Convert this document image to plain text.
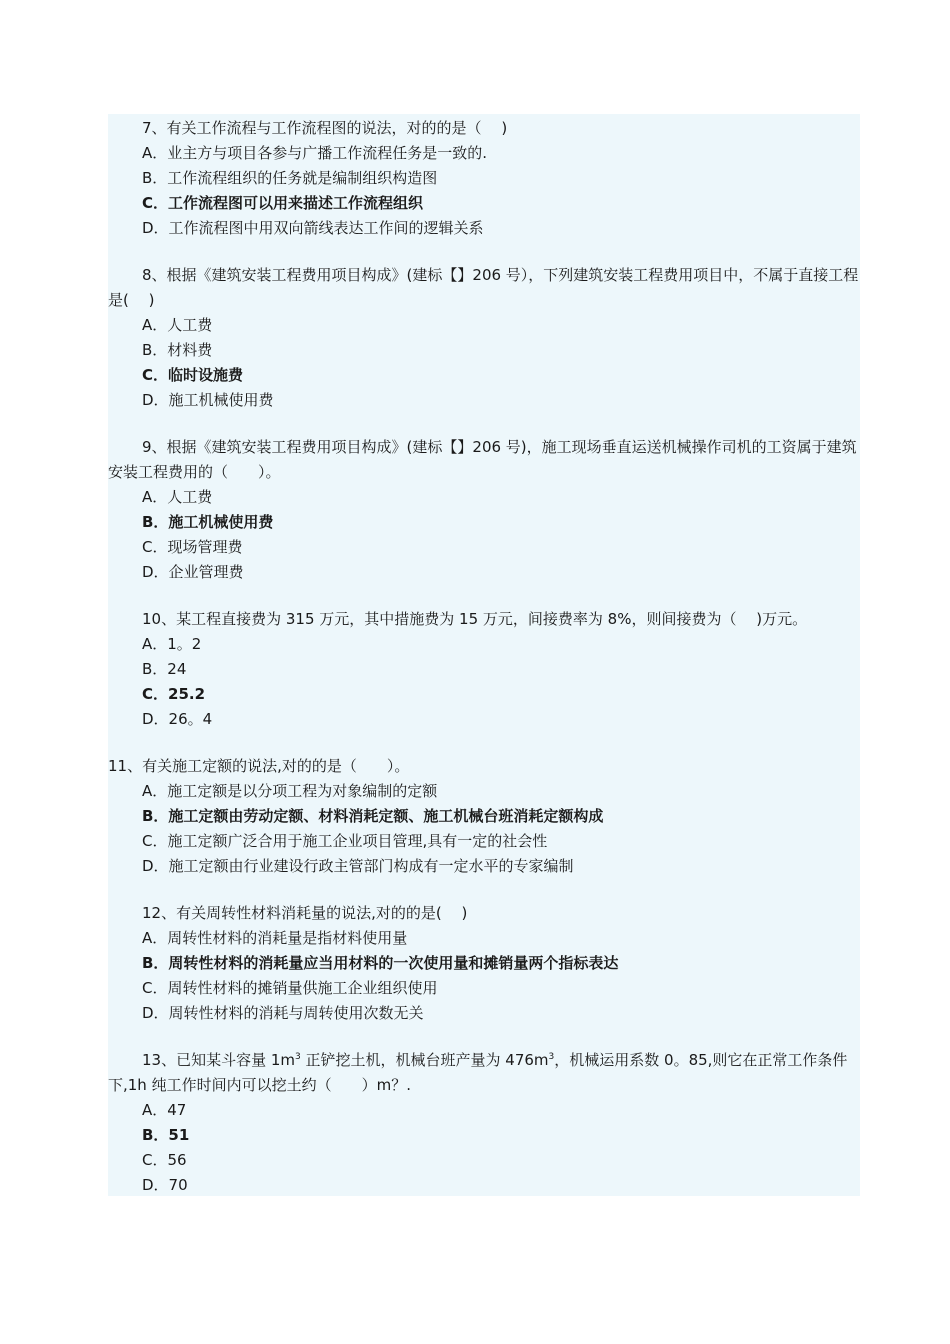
7、有关工作流程与工作流程图的说法，对的的是（　 )

A．业主方与项目各参与广播工作流程任务是一致的.

B．工作流程组织的任务就是编制组织构造图

C．工作流程图可以用来描述工作流程组织

D．工作流程图中用双向箭线表达工作间的逻辑关系

8、根据《建筑安装工程费用项目构成》(建标【】206 号），下列建筑安装工程费用项目中，不属于直接工程是(　 )

A．人工费

B．材料费

C．临时设施费

D．施工机械使用费

9、根据《建筑安装工程费用项目构成》(建标【】206 号)，施工现场垂直运送机械操作司机的工资属于建筑安装工程费用的（　　）。

A．人工费

B．施工机械使用费

C．现场管理费

D．企业管理费

10、某工程直接费为 315 万元，其中措施费为 15 万元，间接费率为 8%，则间接费为（　 )万元。

A．1。2

B．24

C．25.2

D．26。4

11、有关施工定额的说法,对的的是（　　）。

A．施工定额是以分项工程为对象编制的定额

B．施工定额由劳动定额、材料消耗定额、施工机械台班消耗定额构成

C．施工定额广泛合用于施工企业项目管理,具有一定的社会性

D．施工定额由行业建设行政主管部门构成有一定水平的专家编制

12、有关周转性材料消耗量的说法,对的的是(　 )

A．周转性材料的消耗量是指材料使用量

B．周转性材料的消耗量应当用材料的一次使用量和摊销量两个指标表达

C．周转性材料的摊销量供施工企业组织使用

D．周转性材料的消耗与周转使用次数无关

13、已知某斗容量 $1m^3$ 正铲挖土机，机械台班产量为 $476m^3$，机械运用系数 0。85,则它在正常工作条件下,1h 纯工作时间内可以挖土约（　　）m？.

A．47

B．51

C．56

D．70
